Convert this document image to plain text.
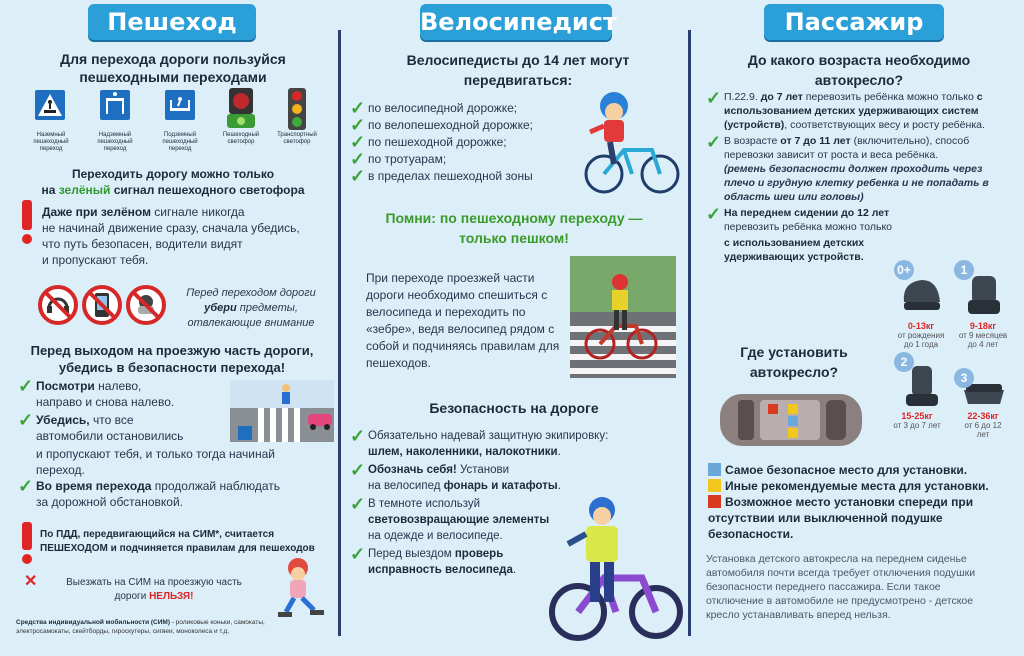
Пешеход
Для перехода дороги пользуйся пешеходными переходами
Наземный пешеходный переход
Надземный пешеходный переход
Подземный пешеходный переход
Пешеходный светофор
Транспортный светофор
Переходить дорогу можно только
на зелёный сигнал пешеходного светофора
Даже при зелёном сигнале никогда
не начинай движение сразу, сначала убедись,
что путь безопасен, водители видят
и пропускают тебя.
Перед переходом дороги
убери предметы,
отвлекающие внимание
Перед выходом на проезжую часть дороги, убедись в безопасности перехода!
✓ Посмотри налево,
направо и снова налево.
✓ Убедись, что все
автомобили остановились
и пропускают тебя, и только тогда начинай
переход.
✓ Во время перехода продолжай наблюдать
за дорожной обстановкой.
По ПДД, передвигающийся на СИМ*, считается
ПЕШЕХОДОМ и подчиняется правилам для пешеходов
✕	Выезжать на СИМ на проезжую часть
дороги НЕЛЬЗЯ!
Средства индивидуальной мобильности (СИМ) - роликовые коньки, самокаты, электросамокаты, скейтборды, гироскутеры, сигвеи, моноколеса и т.д.
Велосипедист
Велосипедисты до 14 лет могут передвигаться:
✓ по велосипедной дорожке;
✓ по велопешеходной дорожке;
✓ по пешеходной дорожке;
✓ по тротуарам;
✓ в пределах пешеходной зоны
Помни: по пешеходному переходу — только пешком!
При переходе проезжей части дороги необходимо спешиться с велосипеда и переходить по «зебре», ведя велосипед рядом с собой и подчиняясь правилам для пешеходов.
Безопасность на дороге
✓ Обязательно надевай защитную экипировку:
шлем, наколенники, налокотники.
✓ Обозначь себя! Установи
на велосипед фонарь и катафоты.
✓ В темноте используй
световозвращающие элементы
на одежде и велосипеде.
✓ Перед выездом проверь
исправность велосипеда.
Пассажир
До какого возраста необходимо автокресло?
✓ П.22.9. до 7 лет перевозить ребёнка можно только с использованием детских удерживающих систем (устройств), соответствующих весу и росту ребёнка.
✓ В возрасте от 7 до 11 лет (включительно), способ перевозки зависит от роста и веса ребёнка.
(ремень безопасности должен проходить через плечо и грудную клетку ребенка и не попадать в область шеи или головы)
✓ На переднем сидении до 12 лет перевозить ребёнка можно только
с использованием детских удерживающих устройств.
0+
0-13кг
от рождения до 1 года
1
9-18кг
от 9 месяцев до 4 лет
2
15-25кг
от 3 до 7 лет
3
22-36кг
от 6 до 12 лет
Где установить автокресло?
Самое безопасное место для установки.
Иные рекомендуемые места для установки.
Возможное место установки спереди при отсутствии или выключенной подушке безопасности.
Установка детского автокресла на переднем сиденье автомобиля почти всегда требует отключения подушки безопасности переднего пассажира. Если такое отключение в автомобиле не предусмотрено - детское кресло устанавливать вперед нельзя.
